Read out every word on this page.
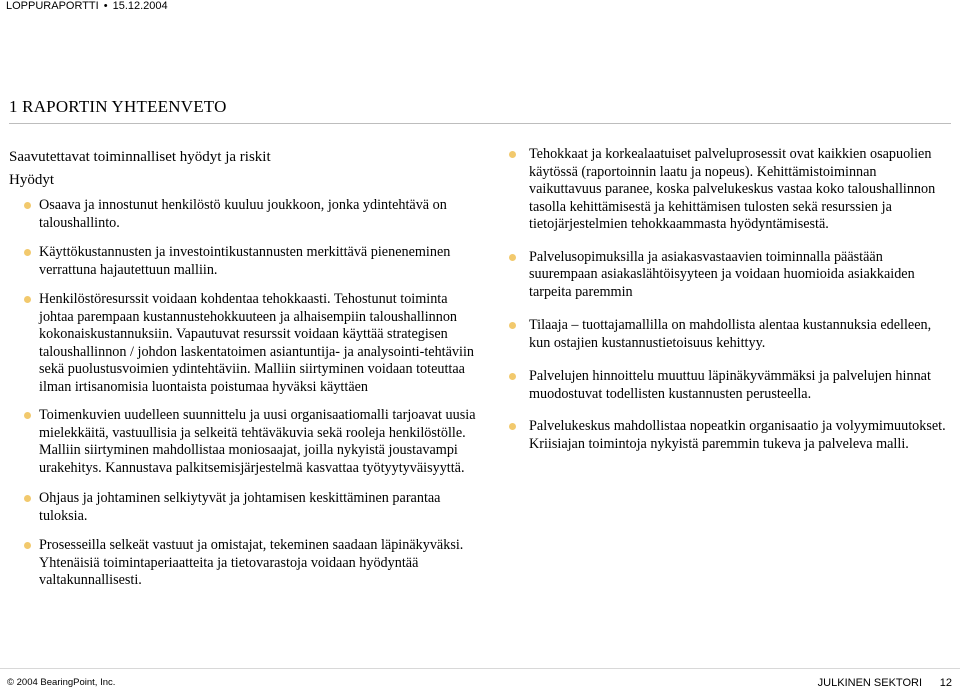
LOPPURAPORTTI • 15.12.2004
1 RAPORTIN YHTEENVETO

Saavutettavat toiminnalliset hyödyt ja riskit

Hyödyt

Osaava ja innostunut henkilöstö kuuluu joukkoon, jonka ydintehtävä on taloushallinto.
Käyttökustannusten ja investointikustannusten merkittävä pieneneminen verrattuna hajautettuun malliin.
Henkilöstöresurssit voidaan kohdentaa tehokkaasti. Tehostunut toiminta johtaa parempaan kustannustehokkuuteen ja alhaisempiin taloushallinnon kokonaiskustannuksiin. Vapautuvat resurssit voidaan käyttää strategisen taloushallinnon / johdon laskentatoimen asiantuntija- ja analysointi-tehtäviin sekä puolustusvoimien ydintehtäviin. Malliin siirtyminen voidaan toteuttaa ilman irtisanomisia luontaista poistumaa hyväksi käyttäen
Toimenkuvien uudelleen suunnittelu ja uusi organisaatiomalli tarjoavat uusia mielekkäitä, vastuullisia ja selkeitä tehtäväkuvia sekä rooleja henkilöstölle. Malliin siirtyminen mahdollistaa moniosaajat, joilla nykyistä joustavampi urakehitys. Kannustava palkitsemisjärjestelmä kasvattaa työtyytyväisyyttä.
Ohjaus ja johtaminen selkiytyvät ja johtamisen keskittäminen parantaa tuloksia.
Prosesseilla selkeät vastuut ja omistajat, tekeminen saadaan läpinäkyväksi. Yhtenäisiä toimintaperiaatteita ja tietovarastoja voidaan hyödyntää valtakunnallisesti.
Tehokkaat ja korkealaatuiset palveluprosessit ovat kaikkien osapuolien käytössä (raportoinnin laatu ja nopeus). Kehittämistoiminnan vaikuttavuus paranee, koska palvelukeskus vastaa koko taloushallinnon tasolla kehittämisestä ja kehittämisen tulosten sekä resurssien ja tietojärjestelmien tehokkaammasta hyödyntämisestä.
Palvelusopimuksilla ja asiakasvastaavien toiminnalla päästään suurempaan asiakaslähtöisyyteen ja voidaan huomioida asiakkaiden tarpeita paremmin
Tilaaja – tuottajamallilla on mahdollista alentaa kustannuksia edelleen, kun ostajien kustannustietoisuus kehittyy.
Palvelujen hinnoittelu muuttuu läpinäkyvämmäksi ja palvelujen hinnat muodostuvat todellisten kustannusten perusteella.
Palvelukeskus mahdollistaa nopeatkin organisaatio ja volyymimuutokset. Kriisiajan toimintoja nykyistä paremmin tukeva ja palveleva malli.
© 2004 BearingPoint, Inc.	JULKINEN SEKTORI 12
